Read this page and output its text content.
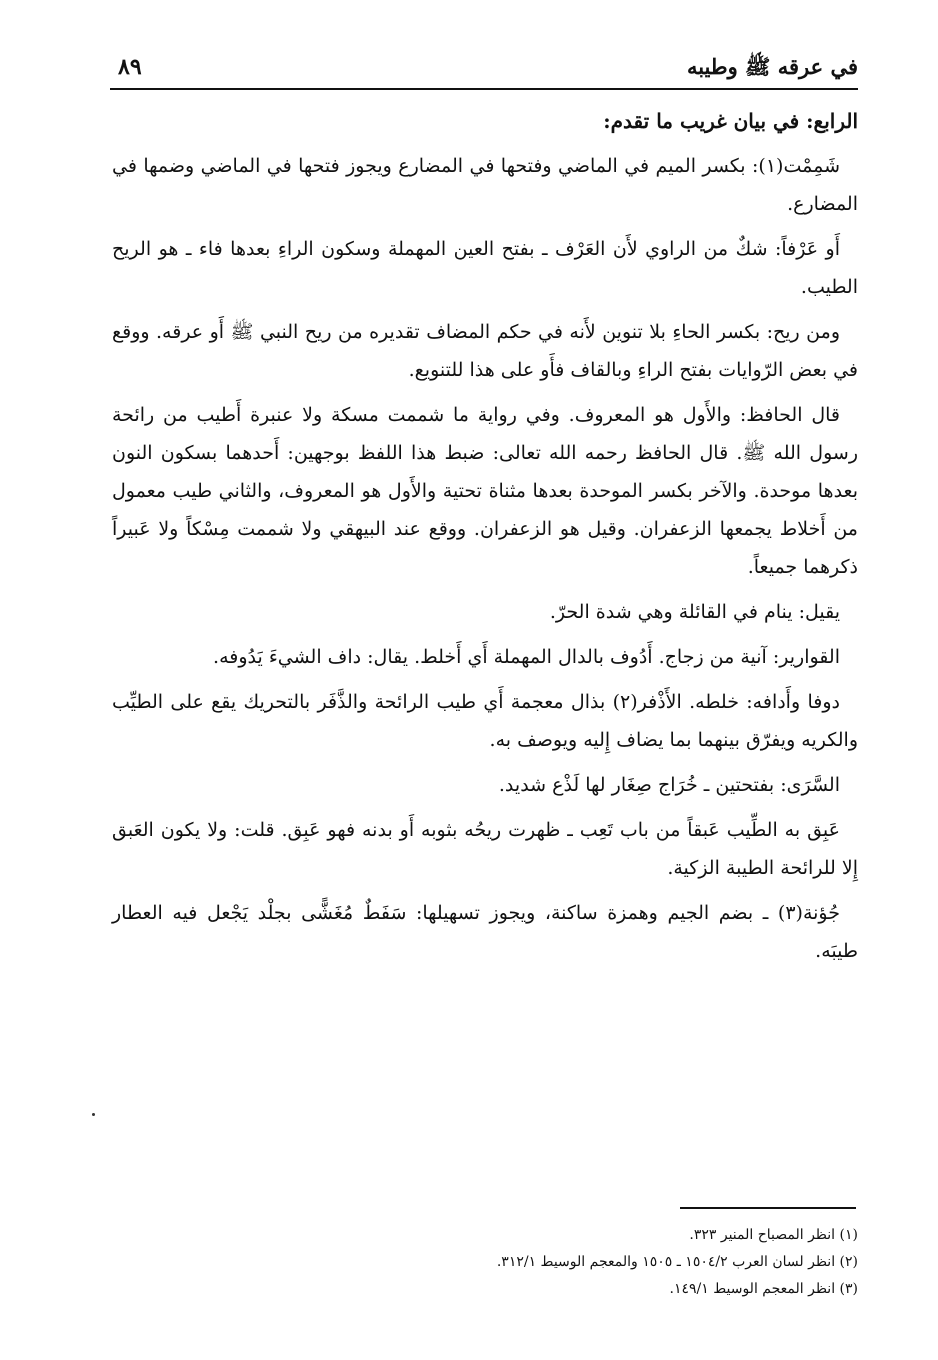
في عرقه ﷺ وطيبه
٨٩

الرابع: في بيان غريب ما تقدم:

شَمِمْت(١): بكسر الميم في الماضي وفتحها في المضارع ويجوز فتحها في الماضي وضمها في المضارع.

أَو عَرْفاً: شكٌ من الراوي لأَن العَرْف ـ بفتح العين المهملة وسكون الراءِ بعدها فاء ـ هو الريح الطيب.

ومن ريح: بكسر الحاءِ بلا تنوين لأَنه في حكم المضاف تقديره من ريح النبي ﷺ أَو عرقه. ووقع في بعض الرّوايات بفتح الراءِ وبالقاف فأَو على هذا للتنويع.

قال الحافظ: والأَول هو المعروف. وفي رواية ما شممت مسكة ولا عنبرة أَطيب من رائحة رسول الله ﷺ. قال الحافظ رحمه الله تعالى: ضبط هذا اللفظ بوجهين: أَحدهما بسكون النون بعدها موحدة. والآخر بكسر الموحدة بعدها مثناة تحتية والأَول هو المعروف، والثاني طيب معمول من أَخلاط يجمعها الزعفران. وقيل هو الزعفران. ووقع عند البيهقي ولا شممت مِسْكاً ولا عَبيراً ذكرهما جميعاً.

يقيل: ينام في القائلة وهي شدة الحرّ.

القوارير: آنية من زجاج. أَدُوف بالدال المهملة أَي أَخلط. يقال: داف الشيءَ يَدُوفه.

دوفا وأَدافه: خلطه. الأَذْفر(٢) بذال معجمة أَي طيب الرائحة والذَّفَر بالتحريك يقع على الطيِّب والكريه ويفرّق بينهما بما يضاف إِليه ويوصف به.

السَّرَى: بفتحتين ـ خُرَاج صِغَار لها لَذْع شديد.

عَبِق به الطِّيب عَبقاً من باب تَعِب ـ ظهرت ريحُه بثوبه أَو بدنه فهو عَبِق. قلت: ولا يكون العَبق إِلا للرائحة الطيبة الزكية.

جُؤنة(٣) ـ بضم الجيم وهمزة ساكنة، ويجوز تسهيلها: سَفَطٌ مُغَشًّى بجلْد يَجْعل فيه العطار طيبَه.

(١) انظر المصباح المنير ٣٢٣.
(٢) انظر لسان العرب ١٥٠٤/٢ ـ ١٥٠٥ والمعجم الوسيط ٣١٢/١.
(٣) انظر المعجم الوسيط ١٤٩/١.
